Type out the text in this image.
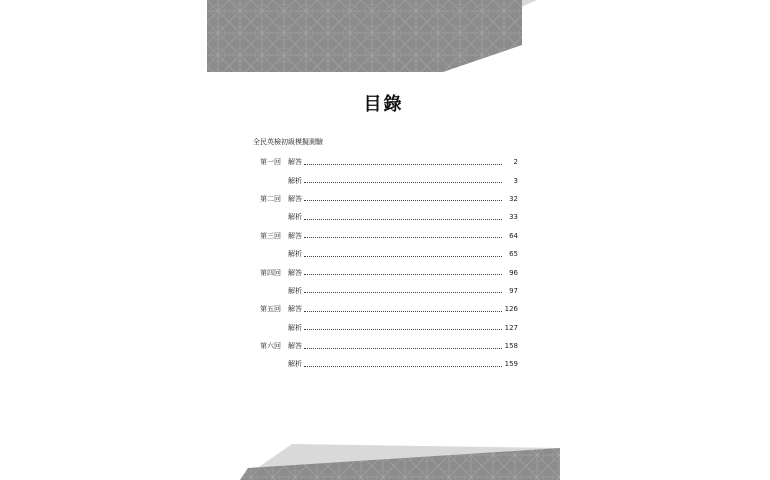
目錄
全民英檢初級模擬測驗
第一回	解答	2
解析	3
第二回	解答	32
解析	33
第三回	解答	64
解析	65
第四回	解答	96
解析	97
第五回	解答	126
解析	127
第六回	解答	158
解析	159
